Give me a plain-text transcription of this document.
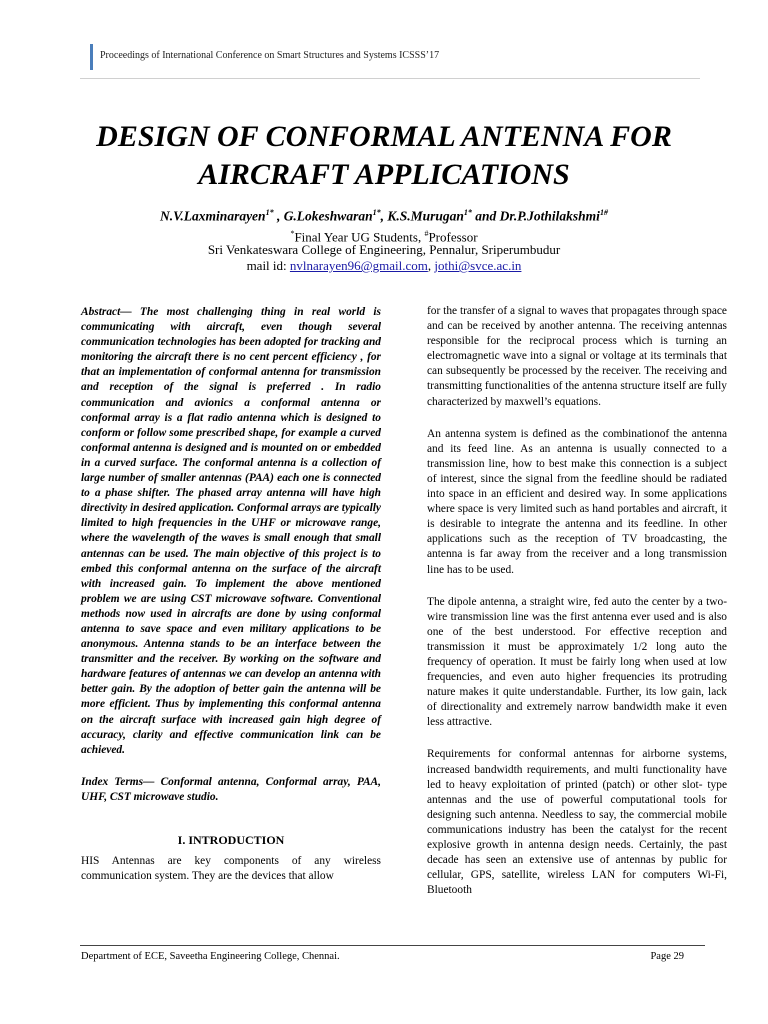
Proceedings of International Conference on Smart Structures and Systems ICSSS’17
DESIGN OF CONFORMAL ANTENNA FOR
AIRCRAFT APPLICATIONS
N.V.Laxminarayen$^{1*}$ , G.Lokeshwaran$^{1*}$, K.S.Murugan$^{1*}$ and Dr.P.Jothilakshmi$^{1\#}$
*Final Year UG Students, #Professor
Sri Venkateswara College of Engineering, Pennalur, Sriperumbudur
mail id: nvlnarayen96@gmail.com, jothi@svce.ac.in

Abstract— The most challenging thing in real world is communicating with aircraft, even though several communication technologies has been adopted for tracking and monitoring the aircraft there is no cent percent efficiency , for that an implementation of conformal antenna for transmission and reception of the signal is preferred . In radio communication and avionics a conformal antenna or conformal array is a flat radio antenna which is designed to conform or follow some prescribed shape, for example a curved conformal antenna is designed and is mounted on or embedded in a curved surface. The conformal antenna is a collection of large number of smaller antennas (PAA) each one is connected to a phase shifter. The phased array antenna will have high directivity in desired application. Conformal arrays are typically limited to high frequencies in the UHF or microwave range, where the wavelength of the waves is small enough that small antennas can be used. The main objective of this project is to embed this conformal antenna on the surface of the aircraft with increased gain. To implement the above mentioned problem we are using CST microwave software. Conventional methods now used in aircrafts are done by using conformal antenna to save space and even military applications to be anonymous. Antenna stands to be an interface between the transmitter and the receiver. By working on the software and hardware features of antennas we can develop an antenna with better gain. By the adoption of better gain the antenna will be more efficient. Thus by implementing this conformal antenna on the aircraft surface with increased gain high degree of accuracy, clarity and effective communication link can be achieved.

Index Terms— Conformal antenna, Conformal array, PAA, UHF, CST microwave studio.

I. INTRODUCTION

HIS Antennas are key components of any wireless communication system. They are the devices that allow

for the transfer of a signal to waves that propagates through space and can be received by another antenna. The receiving antennas responsible for the reciprocal process which is turning an electromagnetic wave into a signal or voltage at its terminals that can subsequently be processed by the receiver. The receiving and transmitting functionalities of the antenna structure itself are fully characterized by maxwell’s equations.

An antenna system is defined as the combinationof the antenna and its feed line. As an antenna is usually connected to a transmission line, how to best make this connection is a subject of interest, since the signal from the feedline should be radiated into space in an efficient and desired way. In some applications where space is very limited such as hand portables and aircraft, it is desirable to integrate the antenna and its feedline. In other applications such as the reception of TV broadcasting, the antenna is far away from the receiver and a long transmission line has to be used.

The dipole antenna, a straight wire, fed auto the center by a two-wire transmission line was the first antenna ever used and is also one of the best understood. For effective reception and transmission it must be approximately 1/2 long auto the frequency of operation. It must be fairly long when used at low frequencies, and even auto higher frequencies its protruding nature makes it quite understandable. Further, its low gain, lack of directionality and extremely narrow bandwidth make it even less attractive.

Requirements for conformal antennas for airborne systems, increased bandwidth requirements, and multi functionality have led to heavy exploitation of printed (patch) or other slot- type antennas and the use of powerful computational tools for designing such antenna. Needless to say, the commercial mobile communications industry has been the catalyst for the recent explosive growth in antenna design needs. Certainly, the past decade has seen an extensive use of antennas by public for cellular, GPS, satellite, wireless LAN for computers Wi-Fi, Bluetooth

Department of ECE, Saveetha Engineering College, Chennai.	Page 29
